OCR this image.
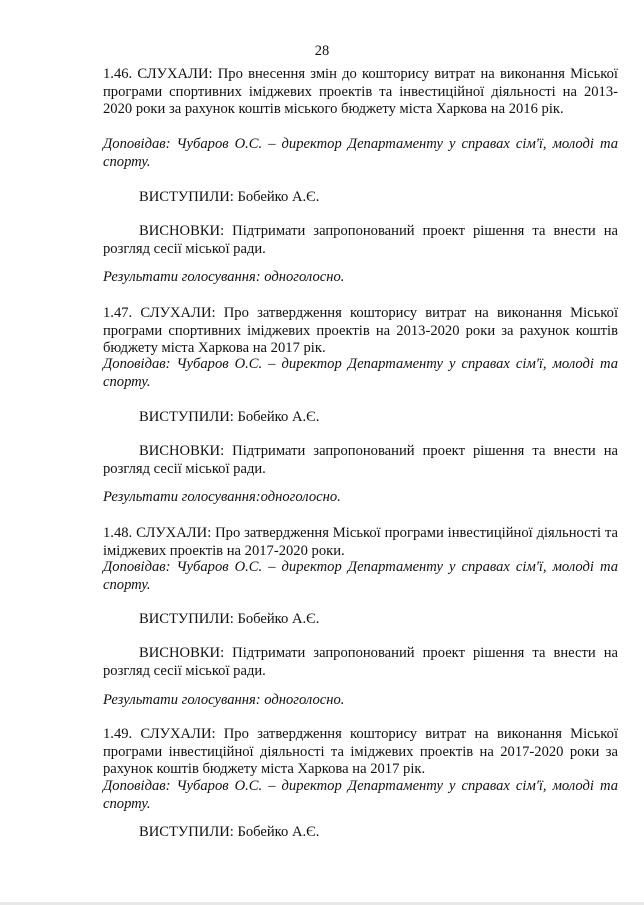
28
1.46. СЛУХАЛИ: Про внесення змін до кошторису витрат на виконання Міської програми спортивних іміджевих проектів та інвестиційної діяльності на 2013-2020 роки за рахунок коштів міського бюджету міста Харкова на 2016 рік.
Доповідав: Чубаров О.С. – директор Департаменту у справах сім'ї, молоді та спорту.
ВИСТУПИЛИ: Бобейко А.Є.
ВИСНОВКИ: Підтримати запропонований проект рішення та внести на розгляд сесії міської ради.
Результати голосування: одноголосно.
1.47. СЛУХАЛИ: Про затвердження кошторису витрат на виконання Міської програми спортивних іміджевих проектів на 2013-2020 роки за рахунок коштів бюджету міста Харкова на 2017 рік.
Доповідав: Чубаров О.С. – директор Департаменту у справах сім'ї, молоді та спорту.
ВИСТУПИЛИ: Бобейко А.Є.
ВИСНОВКИ: Підтримати запропонований проект рішення та внести на розгляд сесії міської ради.
Результати голосування:одноголосно.
1.48. СЛУХАЛИ: Про затвердження Міської програми інвестиційної діяльності та іміджевих проектів на 2017-2020 роки.
Доповідав: Чубаров О.С. – директор Департаменту у справах сім'ї, молоді та спорту.
ВИСТУПИЛИ: Бобейко А.Є.
ВИСНОВКИ: Підтримати запропонований проект рішення та внести на розгляд сесії міської ради.
Результати голосування: одноголосно.
1.49. СЛУХАЛИ: Про затвердження кошторису витрат на виконання Міської програми інвестиційної діяльності та іміджевих проектів на 2017-2020 роки за рахунок коштів бюджету міста Харкова на 2017 рік.
Доповідав: Чубаров О.С. – директор Департаменту у справах сім'ї, молоді та спорту.
ВИСТУПИЛИ: Бобейко А.Є.
